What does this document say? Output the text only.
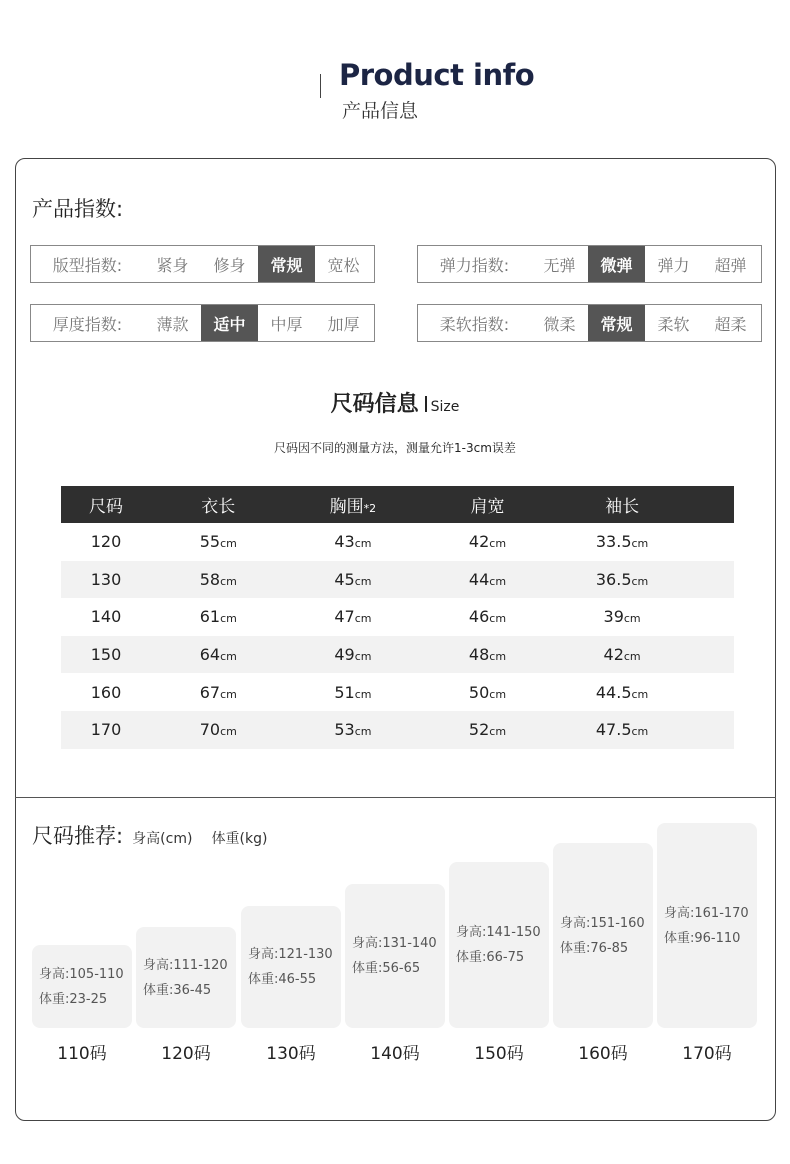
Product info
产品信息
产品指数:
版型指数:	紧身	修身	常规	宽松	弹力指数:	无弹	微弹	弹力	超弹
厚度指数:	薄款	适中	中厚	加厚	柔软指数:	微柔	常规	柔软	超柔
尺码信息 Size
尺码因不同的测量方法，测量允许1-3cm误差
尺码	衣长	胸围*2	肩宽	袖长
120	55cm	43cm	42cm	33.5cm
130	58cm	45cm	44cm	36.5cm
140	61cm	47cm	46cm	39cm
150	64cm	49cm	48cm	42cm
160	67cm	51cm	50cm	44.5cm
170	70cm	53cm	52cm	47.5cm
尺码推荐: 身高(cm) 体重(kg)
身高:105-110
体重:23-25
110码
身高:111-120
体重:36-45
120码
身高:121-130
体重:46-55
130码
身高:131-140
体重:56-65
140码
身高:141-150
体重:66-75
150码
身高:151-160
体重:76-85
160码
身高:161-170
体重:96-110
170码
